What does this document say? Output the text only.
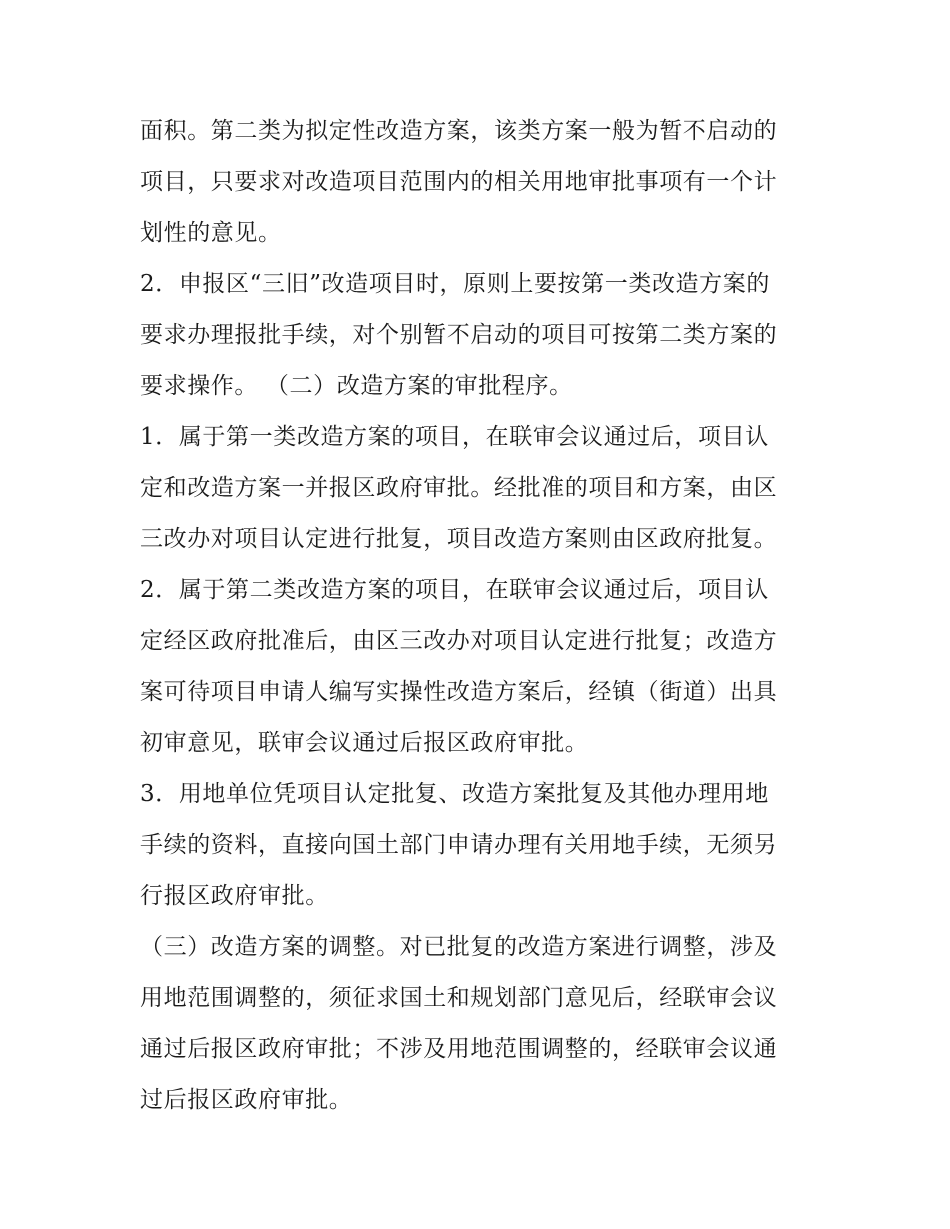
面积。第二类为拟定性改造方案，该类方案一般为暂不启动的
项目，只要求对改造项目范围内的相关用地审批事项有一个计
划性的意见。
2．申报区“三旧”改造项目时，原则上要按第一类改造方案的
要求办理报批手续，对个别暂不启动的项目可按第二类方案的
要求操作。 （二）改造方案的审批程序。
1．属于第一类改造方案的项目，在联审会议通过后，项目认
定和改造方案一并报区政府审批。经批准的项目和方案，由区
三改办对项目认定进行批复，项目改造方案则由区政府批复。
2．属于第二类改造方案的项目，在联审会议通过后，项目认
定经区政府批准后，由区三改办对项目认定进行批复；改造方
案可待项目申请人编写实操性改造方案后，经镇（街道）出具
初审意见，联审会议通过后报区政府审批。
3．用地单位凭项目认定批复、改造方案批复及其他办理用地
手续的资料，直接向国土部门申请办理有关用地手续，无须另
行报区政府审批。
（三）改造方案的调整。对已批复的改造方案进行调整，涉及
用地范围调整的，须征求国土和规划部门意见后，经联审会议
通过后报区政府审批；不涉及用地范围调整的，经联审会议通
过后报区政府审批。
